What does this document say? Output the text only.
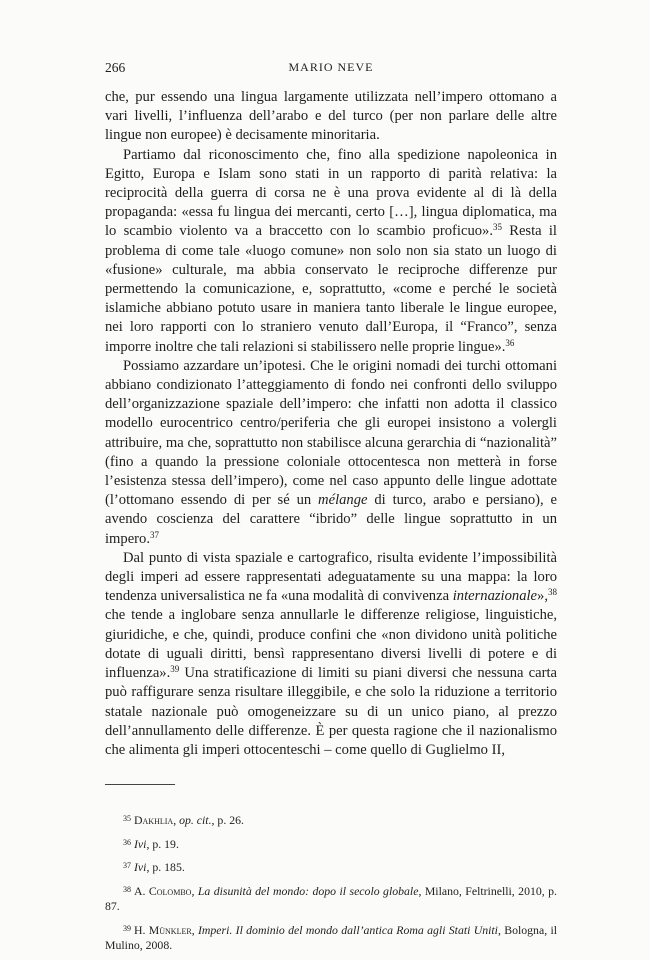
266	MARIO NEVE

che, pur essendo una lingua largamente utilizzata nell’impero ottomano a vari livelli, l’influenza dell’arabo e del turco (per non parlare delle altre lingue non europee) è decisamente minoritaria.

Partiamo dal riconoscimento che, fino alla spedizione napoleonica in Egitto, Europa e Islam sono stati in un rapporto di parità relativa: la reciprocità della guerra di corsa ne è una prova evidente al di là della propaganda: «essa fu lingua dei mercanti, certo […], lingua diplomatica, ma lo scambio violento va a braccetto con lo scambio proficuo».$^{35}$ Resta il problema di come tale «luogo comune» non solo non sia stato un luogo di «fusione» culturale, ma abbia conservato le reciproche differenze pur permettendo la comunicazione, e, soprattutto, «come e perché le società islamiche abbiano potuto usare in maniera tanto liberale le lingue europee, nei loro rapporti con lo straniero venuto dall’Europa, il “Franco”, senza imporre inoltre che tali relazioni si stabilissero nelle proprie lingue».$^{36}$

Possiamo azzardare un’ipotesi. Che le origini nomadi dei turchi ottomani abbiano condizionato l’atteggiamento di fondo nei confronti dello sviluppo dell’organizzazione spaziale dell’impero: che infatti non adotta il classico modello eurocentrico centro/periferia che gli europei insistono a volergli attribuire, ma che, soprattutto non stabilisce alcuna gerarchia di “nazionalità” (fino a quando la pressione coloniale ottocentesca non metterà in forse l’esistenza stessa dell’impero), come nel caso appunto delle lingue adottate (l’ottomano essendo di per sé un mélange di turco, arabo e persiano), e avendo coscienza del carattere “ibrido” delle lingue soprattutto in un impero.$^{37}$

Dal punto di vista spaziale e cartografico, risulta evidente l’impossibilità degli imperi ad essere rappresentati adeguatamente su una mappa: la loro tendenza universalistica ne fa «una modalità di convivenza internazionale»,$^{38}$ che tende a inglobare senza annullarle le differenze religiose, linguistiche, giuridiche, e che, quindi, produce confini che «non dividono unità politiche dotate di uguali diritti, bensì rappresentano diversi livelli di potere e di influenza».$^{39}$ Una stratificazione di limiti su piani diversi che nessuna carta può raffigurare senza risultare illeggibile, e che solo la riduzione a territorio statale nazionale può omogeneizzare su di un unico piano, al prezzo dell’annullamento delle differenze. È per questa ragione che il nazionalismo che alimenta gli imperi ottocenteschi – come quello di Guglielmo II,

$^{35}$ Dakhlia, op. cit., p. 26.

$^{36}$ Ivi, p. 19.

$^{37}$ Ivi, p. 185.

$^{38}$ A. Colombo, La disunità del mondo: dopo il secolo globale, Milano, Feltrinelli, 2010, p. 87.

$^{39}$ H. Münkler, Imperi. Il dominio del mondo dall’antica Roma agli Stati Uniti, Bologna, il Mulino, 2008.
